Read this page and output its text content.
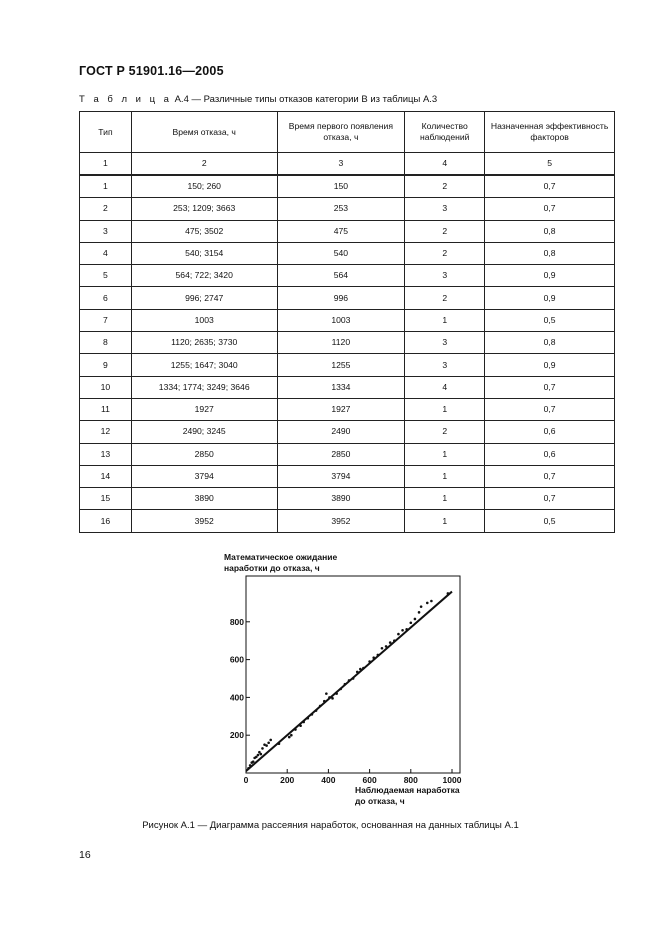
ГОСТ Р 51901.16—2005
Т а б л и ц а А.4 — Различные типы отказов категории B из таблицы А.3
Тип	Время отказа, ч	Время первого появления отказа, ч	Количество наблюдений	Назначенная эффективность факторов
1	2	3	4	5
1	150; 260	150	2	0,7
2	253; 1209; 3663	253	3	0,7
3	475; 3502	475	2	0,8
4	540; 3154	540	2	0,8
5	564; 722; 3420	564	3	0,9
6	996; 2747	996	2	0,9
7	1003	1003	1	0,5
8	1120; 2635; 3730	1120	3	0,8
9	1255; 1647; 3040	1255	3	0,9
10	1334; 1774; 3249; 3646	1334	4	0,7
11	1927	1927	1	0,7
12	2490; 3245	2490	2	0,6
13	2850	2850	1	0,6
14	3794	3794	1	0,7
15	3890	3890	1	0,7
16	3952	3952	1	0,5
Математическое ожидание
наработки до отказа, ч
0	200	400	600	800	1000
200
400
600
800
Наблюдаемая наработка
до отказа, ч
Рисунок А.1 — Диаграмма рассеяния наработок, основанная на данных таблицы А.1
16
